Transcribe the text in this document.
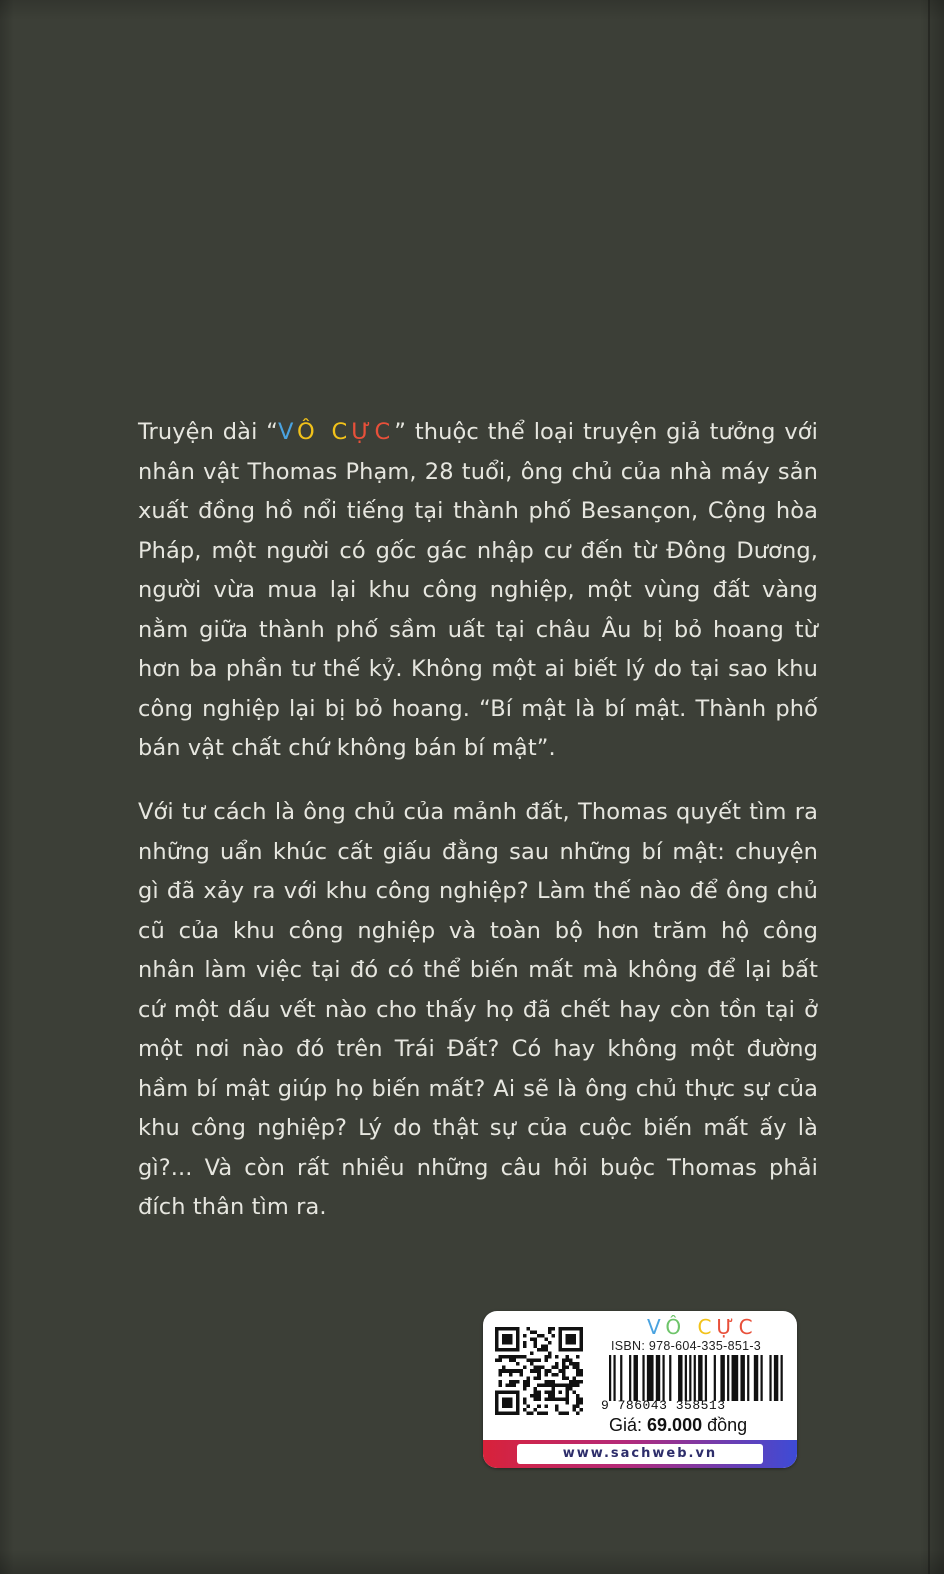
Truyện dài “VÔ CỰC” thuộc thể loại truyện giả tưởng với
nhân vật Thomas Phạm, 28 tuổi, ông chủ của nhà máy sản
xuất đồng hồ nổi tiếng tại thành phố Besançon, Cộng hòa
Pháp, một người có gốc gác nhập cư đến từ Đông Dương,
người vừa mua lại khu công nghiệp, một vùng đất vàng
nằm giữa thành phố sầm uất tại châu Âu bị bỏ hoang từ
hơn ba phần tư thế kỷ. Không một ai biết lý do tại sao khu
công nghiệp lại bị bỏ hoang. “Bí mật là bí mật. Thành phố
bán vật chất chứ không bán bí mật”.
Với tư cách là ông chủ của mảnh đất, Thomas quyết tìm ra
những uẩn khúc cất giấu đằng sau những bí mật: chuyện
gì đã xảy ra với khu công nghiệp? Làm thế nào để ông chủ
cũ của khu công nghiệp và toàn bộ hơn trăm hộ công
nhân làm việc tại đó có thể biến mất mà không để lại bất
cứ một dấu vết nào cho thấy họ đã chết hay còn tồn tại ở
một nơi nào đó trên Trái Đất? Có hay không một đường
hầm bí mật giúp họ biến mất? Ai sẽ là ông chủ thực sự của
khu công nghiệp? Lý do thật sự của cuộc biến mất ấy là
gì?... Và còn rất nhiều những câu hỏi buộc Thomas phải
đích thân tìm ra.
VÔ CỰC
ISBN: 978-604-335-851-3
9 786043 358513
Giá: 69.000 đồng
www.sachweb.vn
